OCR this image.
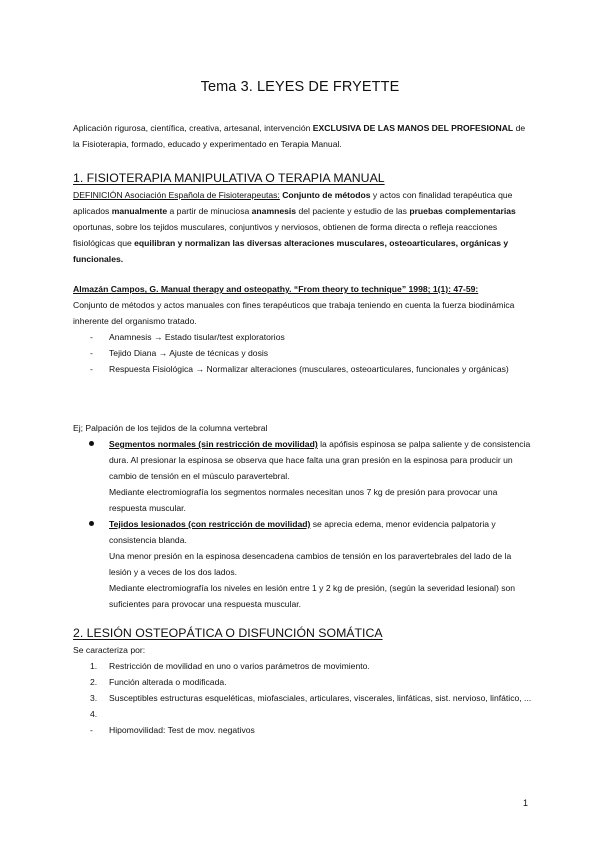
Tema 3. LEYES DE FRYETTE
Aplicación rigurosa, científica, creativa, artesanal, intervención EXCLUSIVA DE LAS MANOS DEL PROFESIONAL de la Fisioterapia, formado, educado y experimentado en Terapia Manual.
1. FISIOTERAPIA MANIPULATIVA O TERAPIA MANUAL
DEFINICIÓN Asociación Española de Fisioterapeutas: Conjunto de métodos y actos con finalidad terapéutica que aplicados manualmente a partir de minuciosa anamnesis del paciente y estudio de las pruebas complementarias oportunas, sobre los tejidos musculares, conjuntivos y nerviosos, obtienen de forma directa o refleja reacciones fisiológicas que equilibran y normalizan las diversas alteraciones musculares, osteoarticulares, orgánicas y funcionales.
Almazán Campos, G. Manual therapy and osteopathy. “From theory to technique” 1998; 1(1): 47-59:
Conjunto de métodos y actos manuales con fines terapéuticos que trabaja teniendo en cuenta la fuerza biodinámica inherente del organismo tratado.
- Anamnesis → Estado tisular/test exploratorios
- Tejido Diana → Ajuste de técnicas y dosis
- Respuesta Fisiológica → Normalizar alteraciones (musculares, osteoarticulares, funcionales y orgánicas)
Ej; Palpación de los tejidos de la columna vertebral
Segmentos normales (sin restricción de movilidad) la apófisis espinosa se palpa saliente y de consistencia dura. Al presionar la espinosa se observa que hace falta una gran presión en la espinosa para producir un cambio de tensión en el músculo paravertebral.
Mediante electromiografía los segmentos normales necesitan unos 7 kg de presión para provocar una respuesta muscular.
Tejidos lesionados (con restricción de movilidad) se aprecia edema, menor evidencia palpatoria y consistencia blanda.
Una menor presión en la espinosa desencadena cambios de tensión en los paravertebrales del lado de la lesión y a veces de los dos lados.
Mediante electromiografía los niveles en lesión entre 1 y 2 kg de presión, (según la severidad lesional) son suficientes para provocar una respuesta muscular.
2. LESIÓN OSTEOPÁTICA O DISFUNCIÓN SOMÁTICA
Se caracteriza por:
1. Restricción de movilidad en uno o varios parámetros de movimiento.
2. Función alterada o modificada.
3. Susceptibles estructuras esqueléticas, miofasciales, articulares, viscerales, linfáticas, sist. nervioso, linfático, ...
4.
- Hipomovilidad: Test de mov. negativos
1
